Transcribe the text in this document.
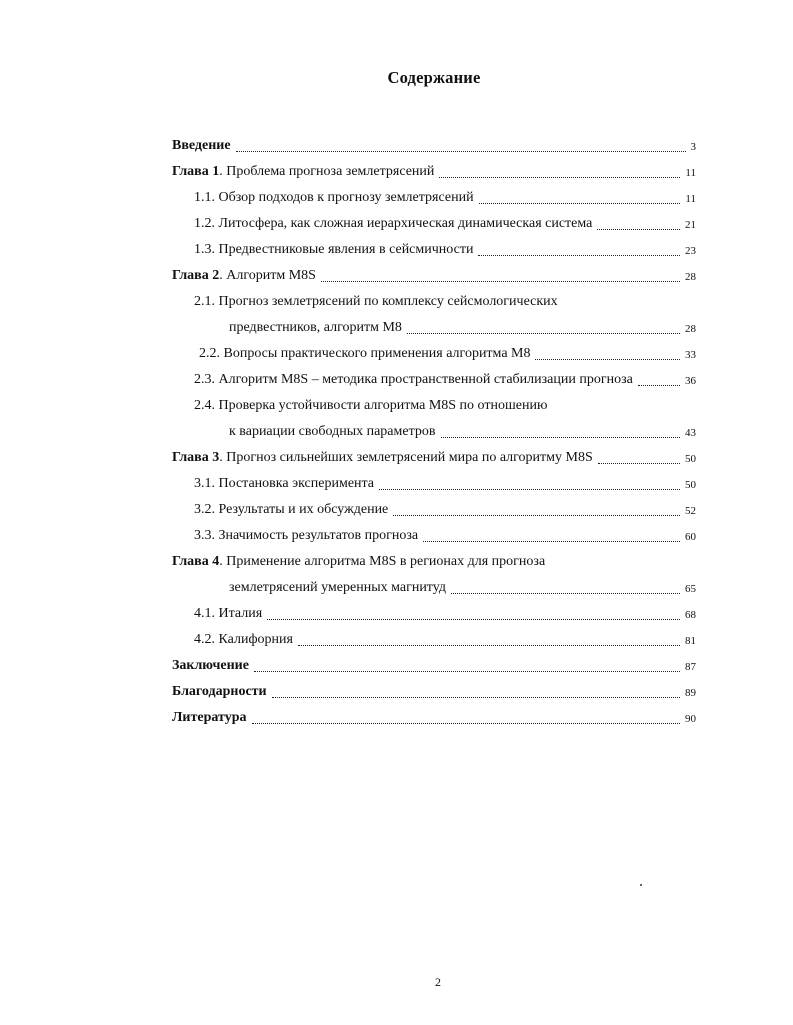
Содержание
Введение	3
Глава 1. Проблема прогноза землетрясений	11
1.1. Обзор подходов к прогнозу землетрясений	11
1.2. Литосфера, как сложная иерархическая динамическая система	21
1.3. Предвестниковые явления в сейсмичности	23
Глава 2. Алгоритм M8S	28
2.1. Прогноз землетрясений по комплексу сейсмологических
предвестников, алгоритм M8	28
2.2. Вопросы практического применения алгоритма M8	33
2.3. Алгоритм M8S – методика пространственной стабилизации прогноза	36
2.4. Проверка устойчивости алгоритма M8S по отношению
к вариации свободных параметров	43
Глава 3. Прогноз сильнейших землетрясений мира по алгоритму M8S	50
3.1. Постановка эксперимента	50
3.2. Результаты и их обсуждение	52
3.3. Значимость результатов прогноза	60
Глава 4. Применение алгоритма M8S в регионах для прогноза
землетрясений умеренных магнитуд	65
4.1. Италия	68
4.2. Калифорния	81
Заключение	87
Благодарности	89
Литература	90
2
